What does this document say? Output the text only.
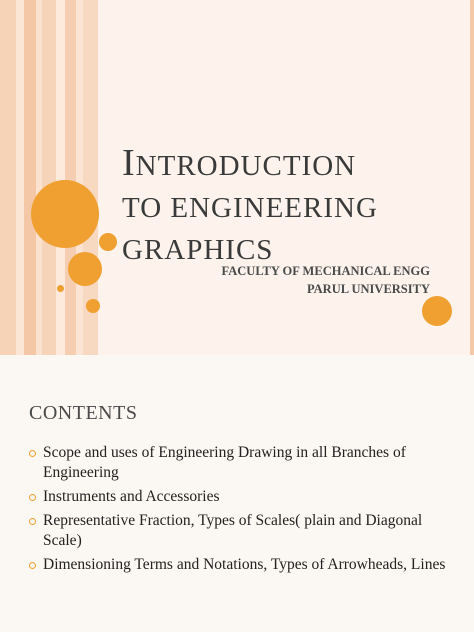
INTRODUCTION
TO ENGINEERING
GRAPHICS
FACULTY OF MECHANICAL ENGG
PARUL UNIVERSITY
CONTENTS
Scope and uses of Engineering Drawing in all Branches of Engineering
Instruments and Accessories
Representative Fraction, Types of Scales( plain and Diagonal Scale)
Dimensioning Terms and Notations, Types of Arrowheads, Lines
